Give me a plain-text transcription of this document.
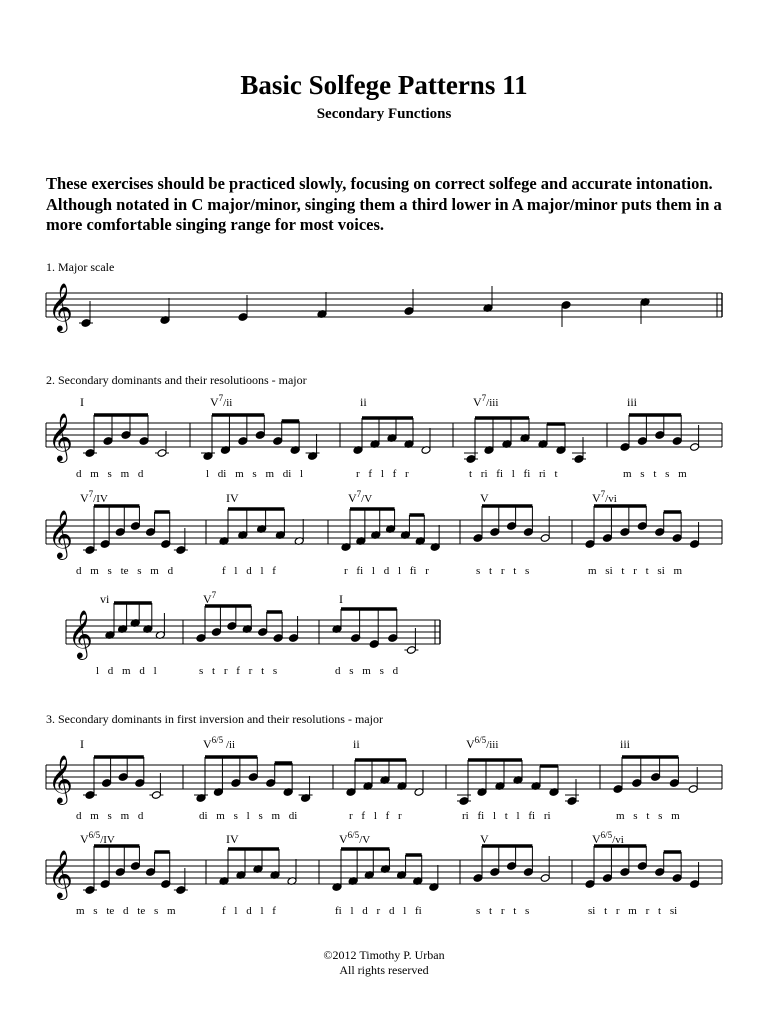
Basic Solfege Patterns 11
Secondary Functions
These exercises should be practiced slowly, focusing on correct solfege and accurate intonation. Although notated in C major/minor, singing them a third lower in A major/minor puts them in a more comfortable singing range for most voices.
1. Major scale
2. Secondary dominants and their resolutioons - major
3. Secondary dominants in first inversion and their resolutions - major
𝄞
𝄞
I
d m s m d
$V^7/ii$
l di m s m di l
ii
r f l f r
$V^7$/iii
t ri fi l fi ri t
iii
m s t s m
𝄞
$V^7/IV$
d m s te s m d
IV
f l d l f
$V^7/V$
r fi l d l fi r
V
s t r t s
$V^7/vi$
m si t r t si m
𝄞
vi
l d m d l
$V^7$
s t r f r t s
I
d s m s d
𝄞
I
d m s m d
$V^{6/5}$ /ii
di m s l s m di
ii
r f l f r
$V^{6/5}$/iii
ri fi l t l fi ri
iii
m s t s m
𝄞
$V^{6/5}/IV$
m s te d te s m
IV
f l d l f
$V^{6/5}/V$
fi l d r d l fi
V
s t r t s
$V^{6/5}/vi$
si t r m r t si
©2012 Timothy P. Urban
All rights reserved
